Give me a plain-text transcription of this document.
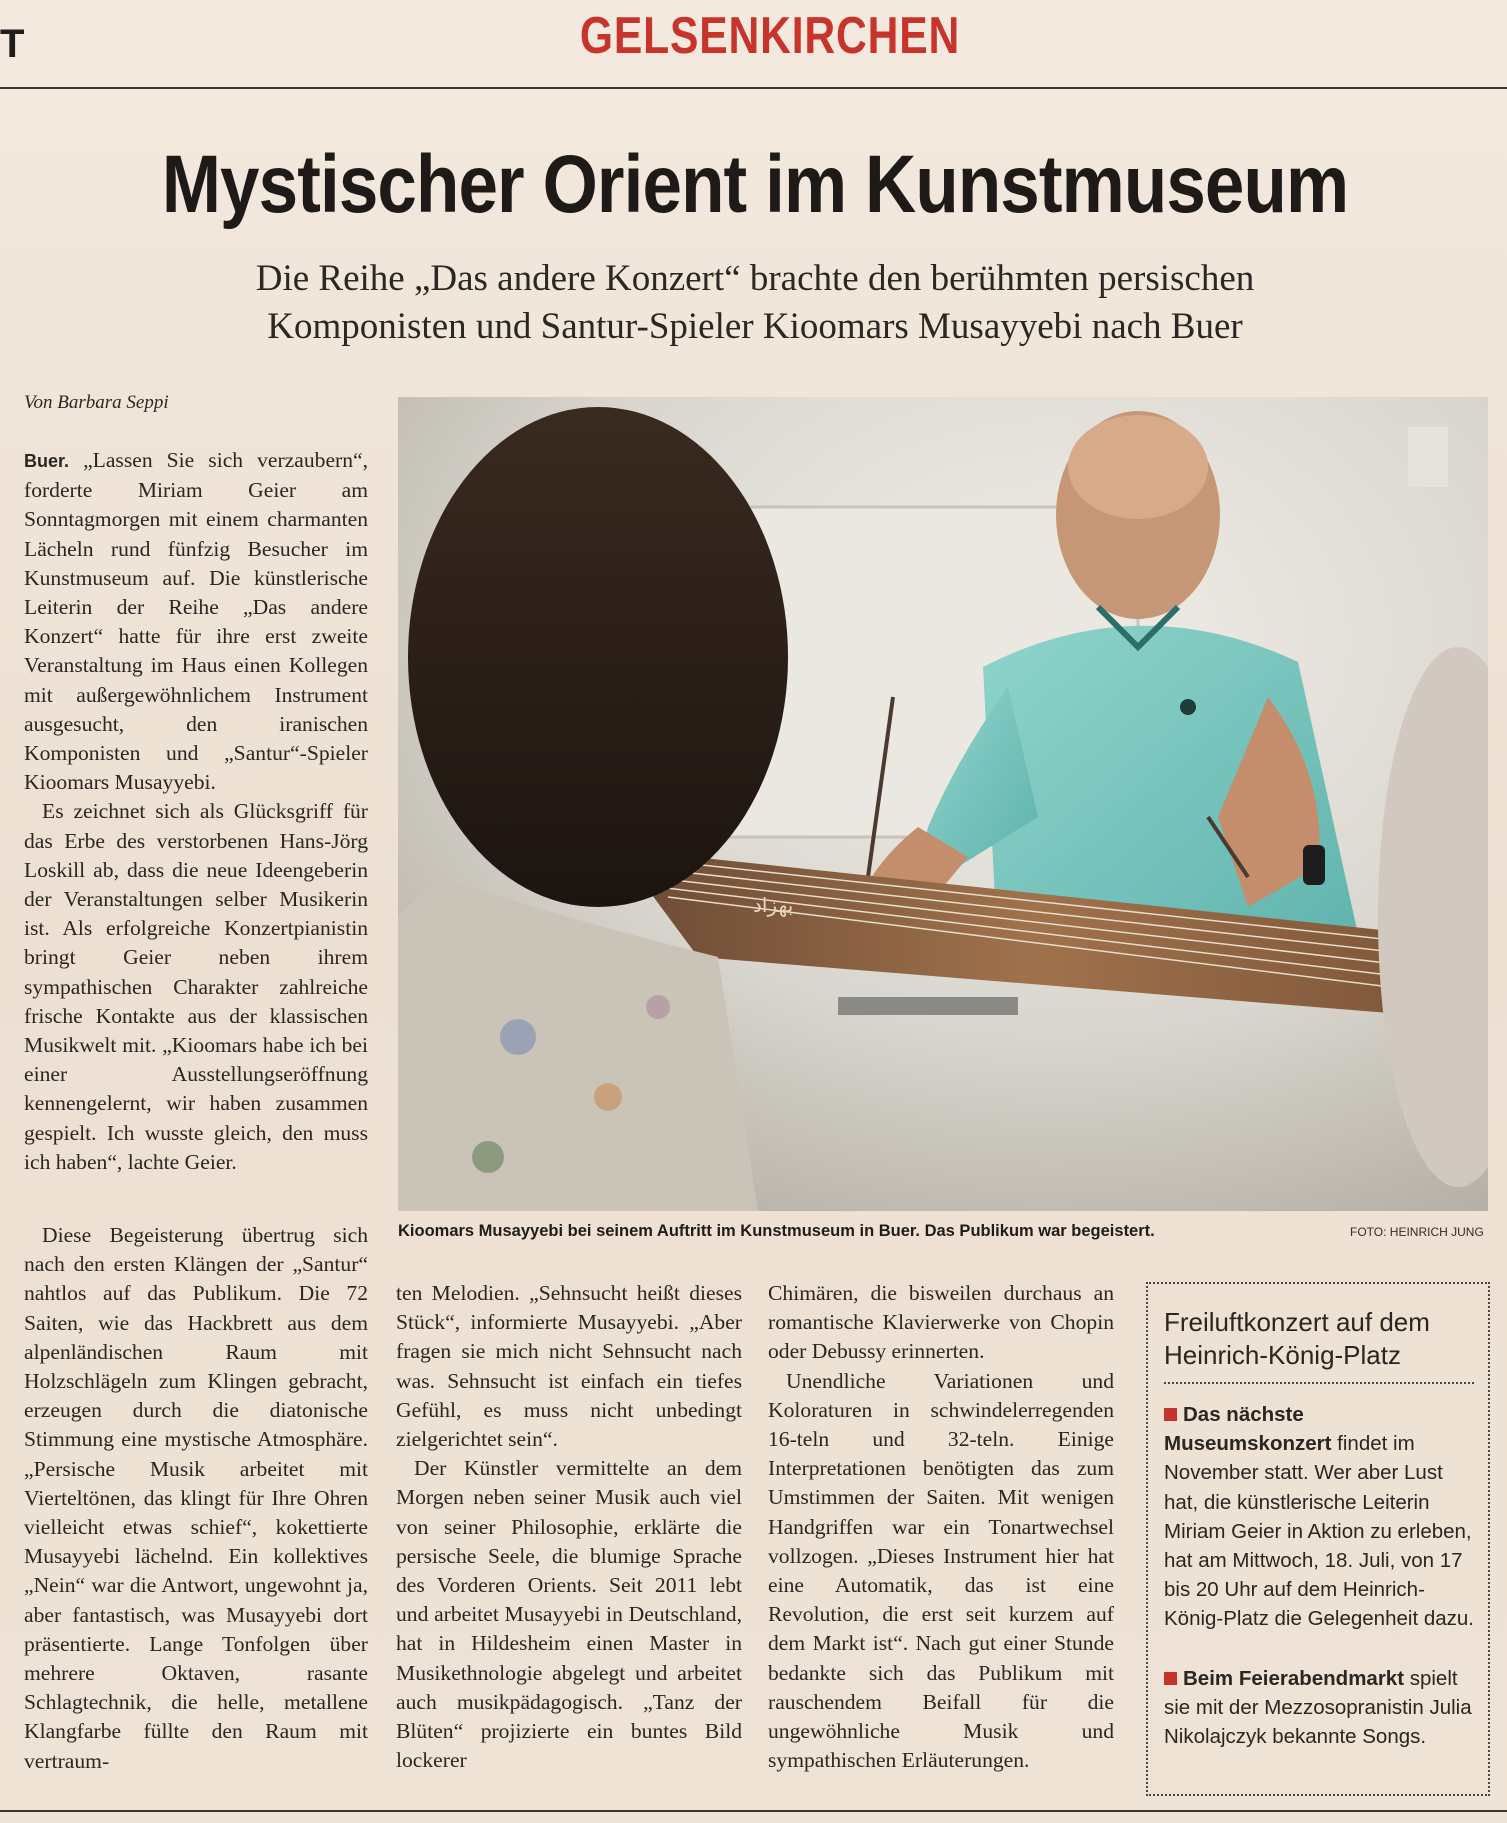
T	GELSENKIRCHEN
Mystischer Orient im Kunstmuseum
Die Reihe „Das andere Konzert“ brachte den berühmten persischen
Komponisten und Santur-Spieler Kioomars Musayyebi nach Buer
Von Barbara Seppi
بهزاد
Kioomars Musayyebi bei seinem Auftritt im Kunstmuseum in Buer. Das Publikum war begeistert.	FOTO: HEINRICH JUNG

Buer. „Lassen Sie sich verzaubern“, forderte Miriam Geier am Sonntagmorgen mit einem charmanten Lächeln rund fünfzig Besucher im Kunstmuseum auf. Die künstlerische Leiterin der Reihe „Das andere Konzert“ hatte für ihre erst zweite Veranstaltung im Haus einen Kollegen mit außergewöhnlichem Instrument ausgesucht, den iranischen Komponisten und „Santur“-Spieler Kioomars Musayyebi.

Es zeichnet sich als Glücksgriff für das Erbe des verstorbenen Hans-Jörg Loskill ab, dass die neue Ideengeberin der Veranstaltungen selber Musikerin ist. Als erfolgreiche Konzertpianistin bringt Geier neben ihrem sympathischen Charakter zahlreiche frische Kontakte aus der klassischen Musikwelt mit. „Kioomars habe ich bei einer Ausstellungseröffnung kennengelernt, wir haben zusammen gespielt. Ich wusste gleich, den muss ich haben“, lachte Geier.

Diese Begeisterung übertrug sich nach den ersten Klängen der „Santur“ nahtlos auf das Publikum. Die 72 Saiten, wie das Hackbrett aus dem alpenländischen Raum mit Holzschlägeln zum Klingen gebracht, erzeugen durch die diatonische Stimmung eine mystische Atmosphäre. „Persische Musik arbeitet mit Vierteltönen, das klingt für Ihre Ohren vielleicht etwas schief“, kokettierte Musayyebi lächelnd. Ein kollektives „Nein“ war die Antwort, ungewohnt ja, aber fantastisch, was Musayyebi dort präsentierte. Lange Tonfolgen über mehrere Oktaven, rasante Schlagtechnik, die helle, metallene Klangfarbe füllte den Raum mit vertraum-

ten Melodien. „Sehnsucht heißt dieses Stück“, informierte Musayyebi. „Aber fragen sie mich nicht Sehnsucht nach was. Sehnsucht ist einfach ein tiefes Gefühl, es muss nicht unbedingt zielgerichtet sein“.

Der Künstler vermittelte an dem Morgen neben seiner Musik auch viel von seiner Philosophie, erklärte die persische Seele, die blumige Sprache des Vorderen Orients. Seit 2011 lebt und arbeitet Musayyebi in Deutschland, hat in Hildesheim einen Master in Musikethnologie abgelegt und arbeitet auch musikpädagogisch. „Tanz der Blüten“ projizierte ein buntes Bild lockerer

Chimären, die bisweilen durchaus an romantische Klavierwerke von Chopin oder Debussy erinnerten.

Unendliche Variationen und Koloraturen in schwindelerregenden 16-teln und 32-teln. Einige Interpretationen benötigten das zum Umstimmen der Saiten. Mit wenigen Handgriffen war ein Tonartwechsel vollzogen. „Dieses Instrument hier hat eine Automatik, das ist eine Revolution, die erst seit kurzem auf dem Markt ist“. Nach gut einer Stunde bedankte sich das Publikum mit rauschendem Beifall für die ungewöhnliche Musik und sympathischen Erläuterungen.

Freiluftkonzert auf dem
Heinrich-König-Platz
Das nächste Museumskonzert findet im November statt. Wer aber Lust hat, die künstlerische Leiterin Miriam Geier in Aktion zu erleben, hat am Mittwoch, 18. Juli, von 17 bis 20 Uhr auf dem Heinrich-König-Platz die Gelegenheit dazu.
Beim Feierabendmarkt spielt sie mit der Mezzosopranistin Julia Nikolajczyk bekannte Songs.
